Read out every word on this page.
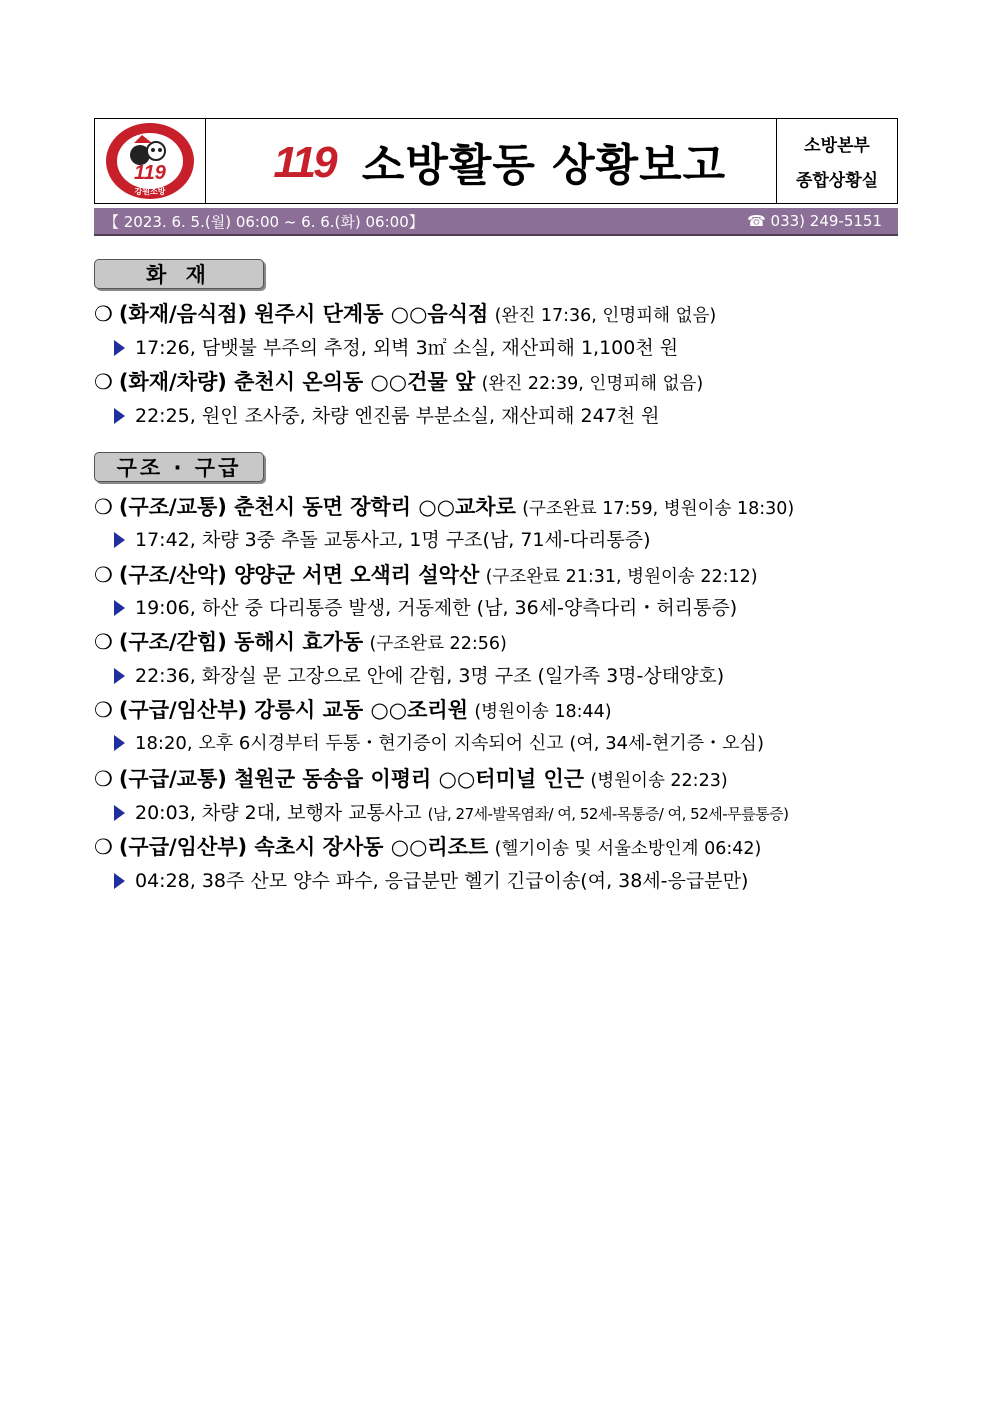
119
강원소방
119 소방활동 상황보고	소방본부
종합상황실
【 2023. 6. 5.(월) 06:00 ~ 6. 6.(화) 06:00】	☎ 033) 249-5151
화 재
❍ (화재/음식점) 원주시 단계동 ○○음식점 (완진 17:36, 인명피해 없음)
17:26, 담뱃불 부주의 추정, 외벽 3㎡ 소실, 재산피해 1,100천 원
❍ (화재/차량) 춘천시 온의동 ○○건물 앞 (완진 22:39, 인명피해 없음)
22:25, 원인 조사중, 차량 엔진룸 부분소실, 재산피해 247천 원
구조 · 구급
❍ (구조/교통) 춘천시 동면 장학리 ○○교차로 (구조완료 17:59, 병원이송 18:30)
17:42, 차량 3중 추돌 교통사고, 1명 구조(남, 71세-다리통증)
❍ (구조/산악) 양양군 서면 오색리 설악산 (구조완료 21:31, 병원이송 22:12)
19:06, 하산 중 다리통증 발생, 거동제한 (남, 36세-양측다리・허리통증)
❍ (구조/갇힘) 동해시 효가동 (구조완료 22:56)
22:36, 화장실 문 고장으로 안에 갇힘, 3명 구조 (일가족 3명-상태양호)
❍ (구급/임산부) 강릉시 교동 ○○조리원 (병원이송 18:44)
18:20, 오후 6시경부터 두통・현기증이 지속되어 신고 (여, 34세-현기증・오심)
❍ (구급/교통) 철원군 동송읍 이평리 ○○터미널 인근 (병원이송 22:23)
20:03, 차량 2대, 보행자 교통사고 (남, 27세-발목염좌/ 여, 52세-목통증/ 여, 52세-무릎통증)
❍ (구급/임산부) 속초시 장사동 ○○리조트 (헬기이송 및 서울소방인계 06:42)
04:28, 38주 산모 양수 파수, 응급분만 헬기 긴급이송(여, 38세-응급분만)
